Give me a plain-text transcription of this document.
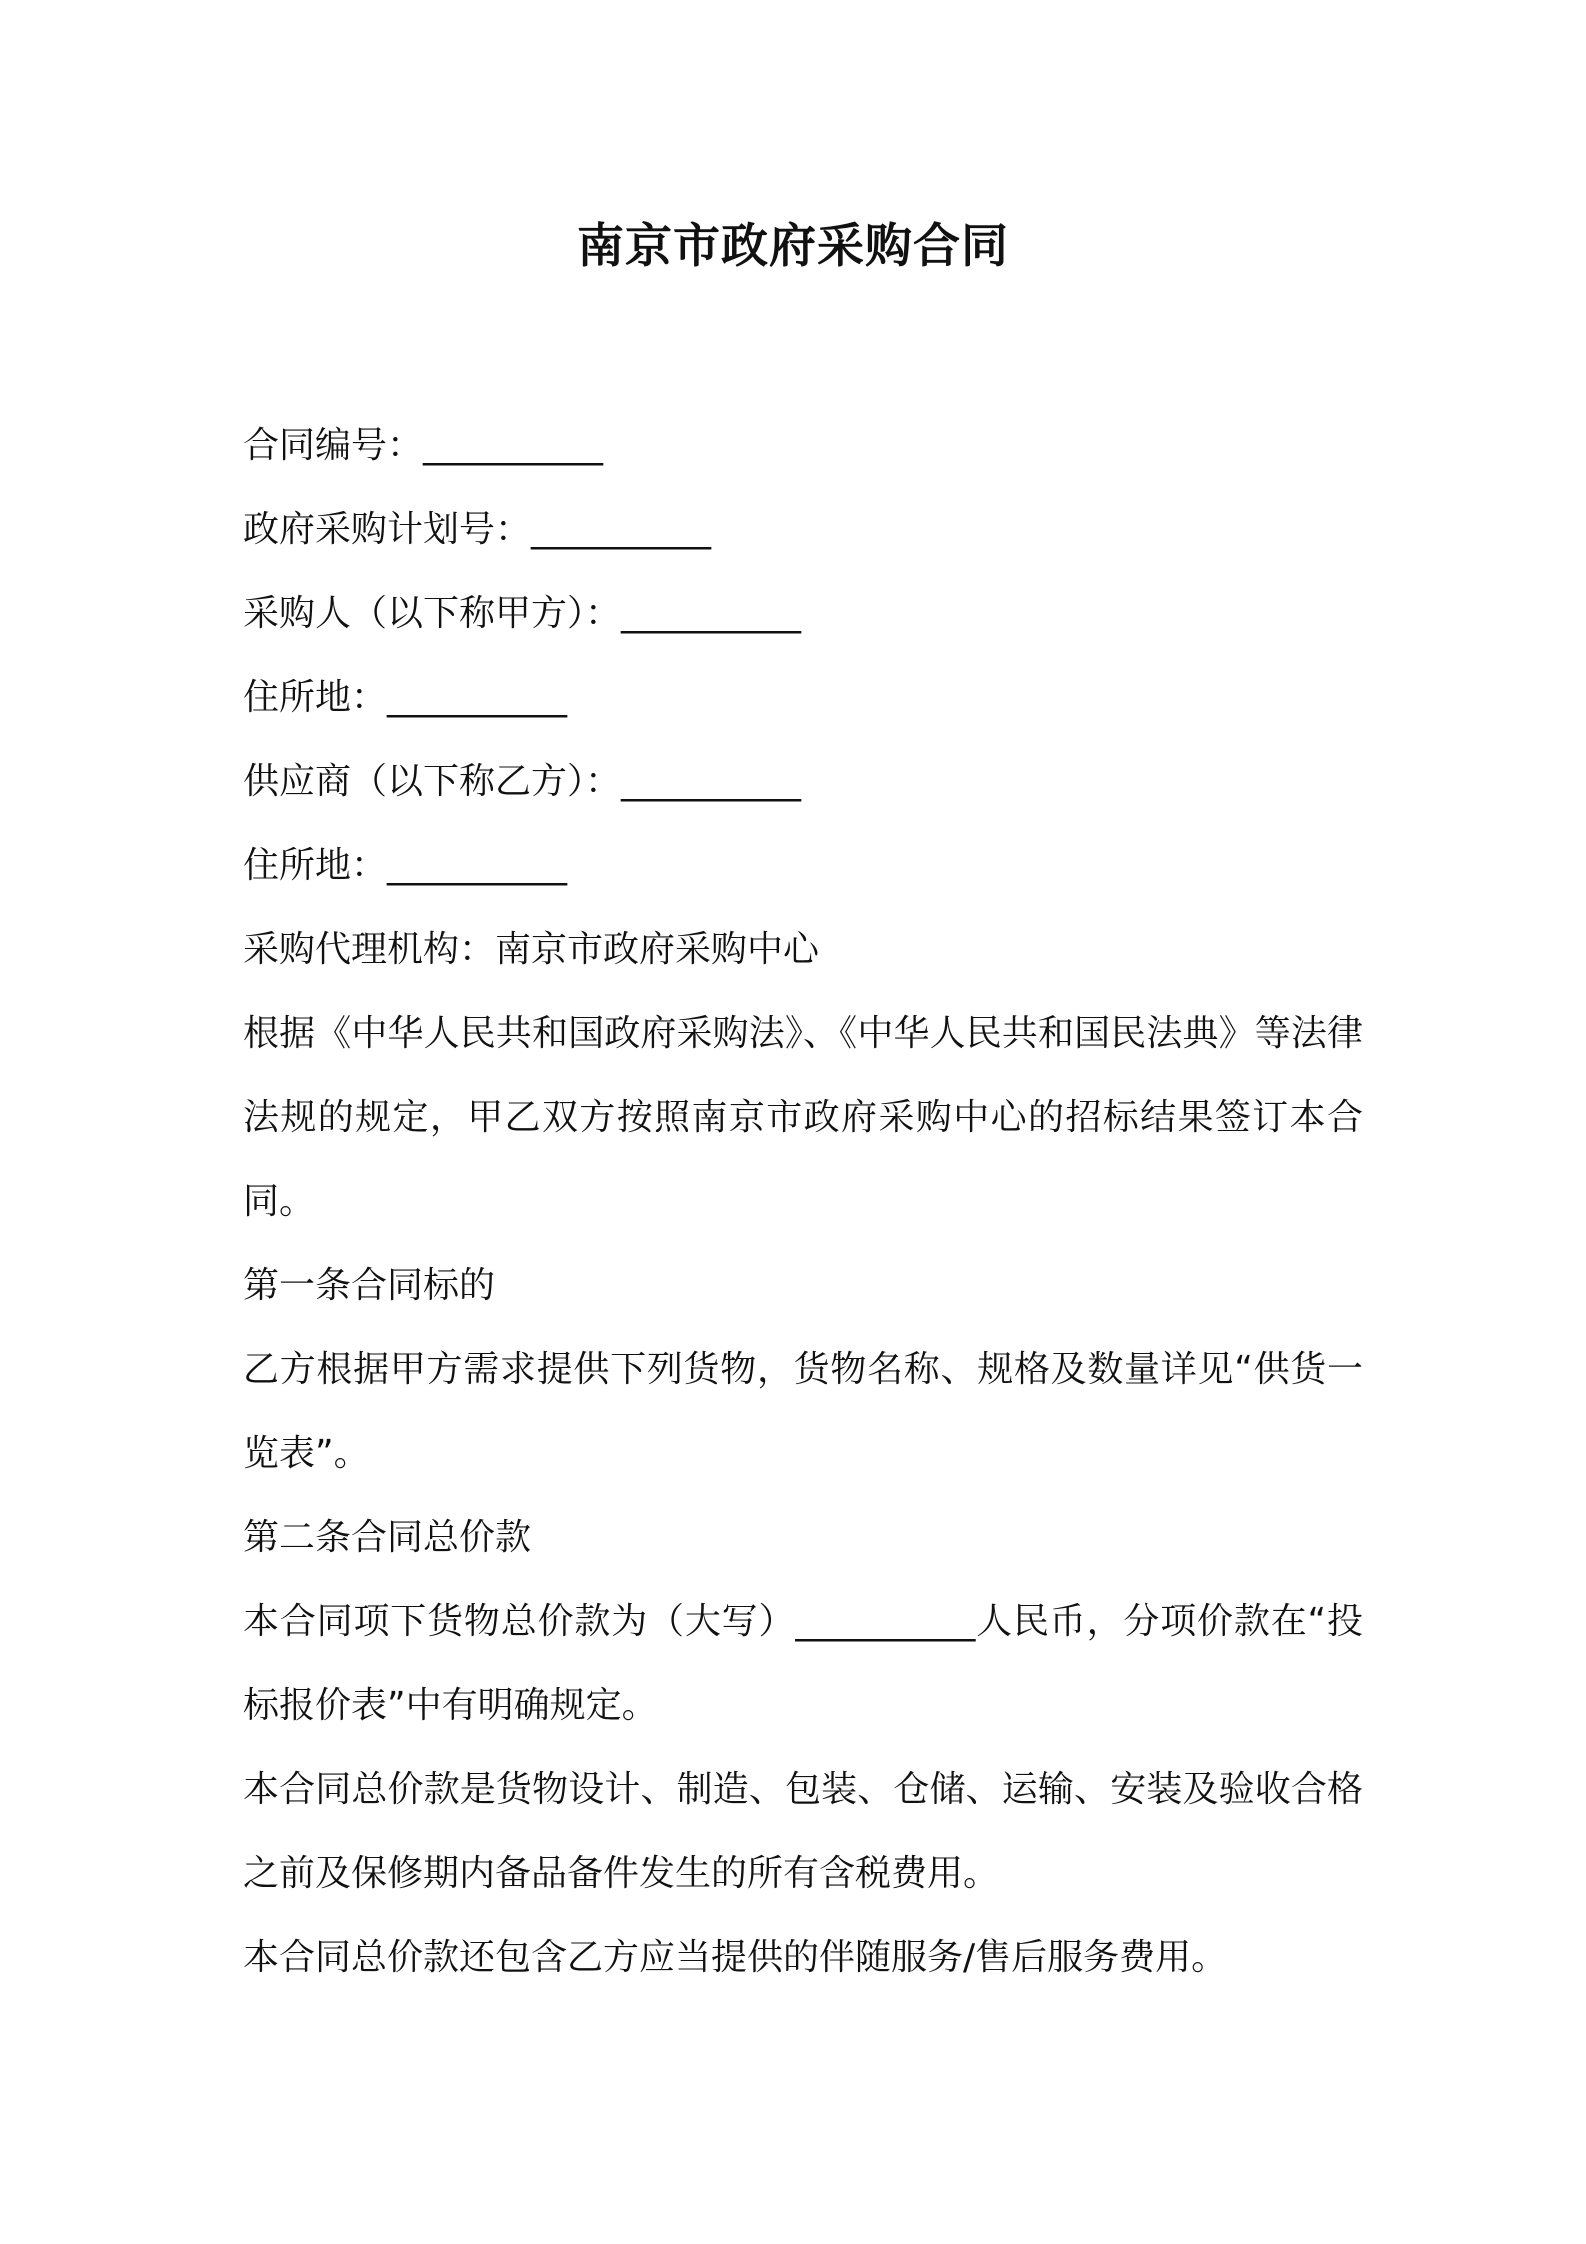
南京市政府采购合同

合同编号：__________

政府采购计划号：__________

采购人（以下称甲方）：__________

住所地：__________

供应商（以下称乙方）：__________

住所地：__________

采购代理机构：南京市政府采购中心

根据《中华人民共和国政府采购法》、《中华人民共和国民法典》等法律法规的规定，甲乙双方按照南京市政府采购中心的招标结果签订本合同。

第一条合同标的

乙方根据甲方需求提供下列货物，货物名称、规格及数量详见“供货一览表”。

第二条合同总价款

本合同项下货物总价款为（大写）__________人民币，分项价款在“投标报价表”中有明确规定。

本合同总价款是货物设计、制造、包装、仓储、运输、安装及验收合格之前及保修期内备品备件发生的所有含税费用。

本合同总价款还包含乙方应当提供的伴随服务/售后服务费用。
